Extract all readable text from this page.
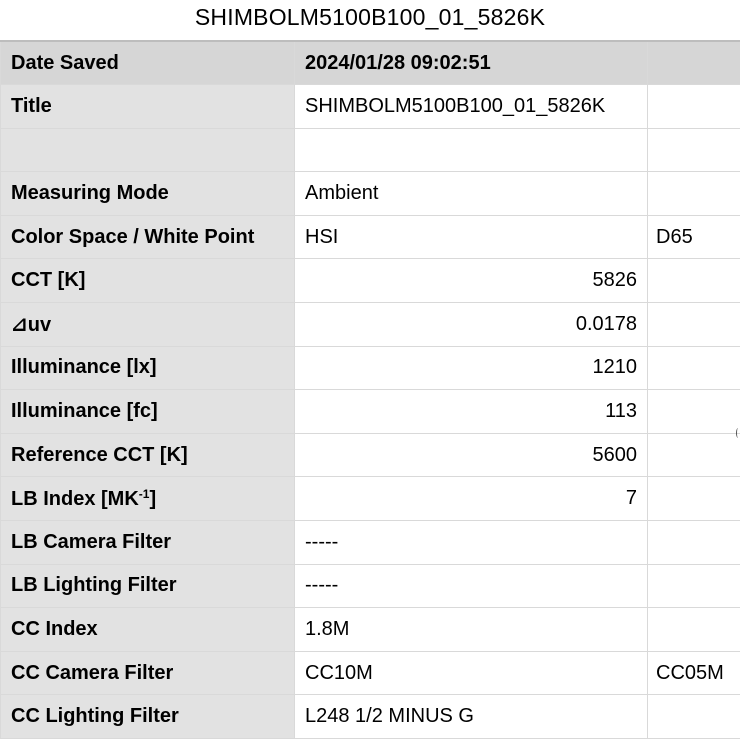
SHIMBOLM5100B100_01_5826K
Date Saved	2024/01/28 09:02:51	
Title	SHIMBOLM5100B100_01_5826K	

Measuring Mode	Ambient	
Color Space / White Point	HSI	D65
CCT [K]	5826	
⊿uv	0.0178	
Illuminance [lx]	1210	
Illuminance [fc]	113	
Reference CCT [K]	5600	
LB Index $[MK^{-1}]$	7	
LB Camera Filter	-----	
LB Lighting Filter	-----	
CC Index	1.8M	
CC Camera Filter	CC10M	CC05M
CC Lighting Filter	L248 1/2 MINUS G	
